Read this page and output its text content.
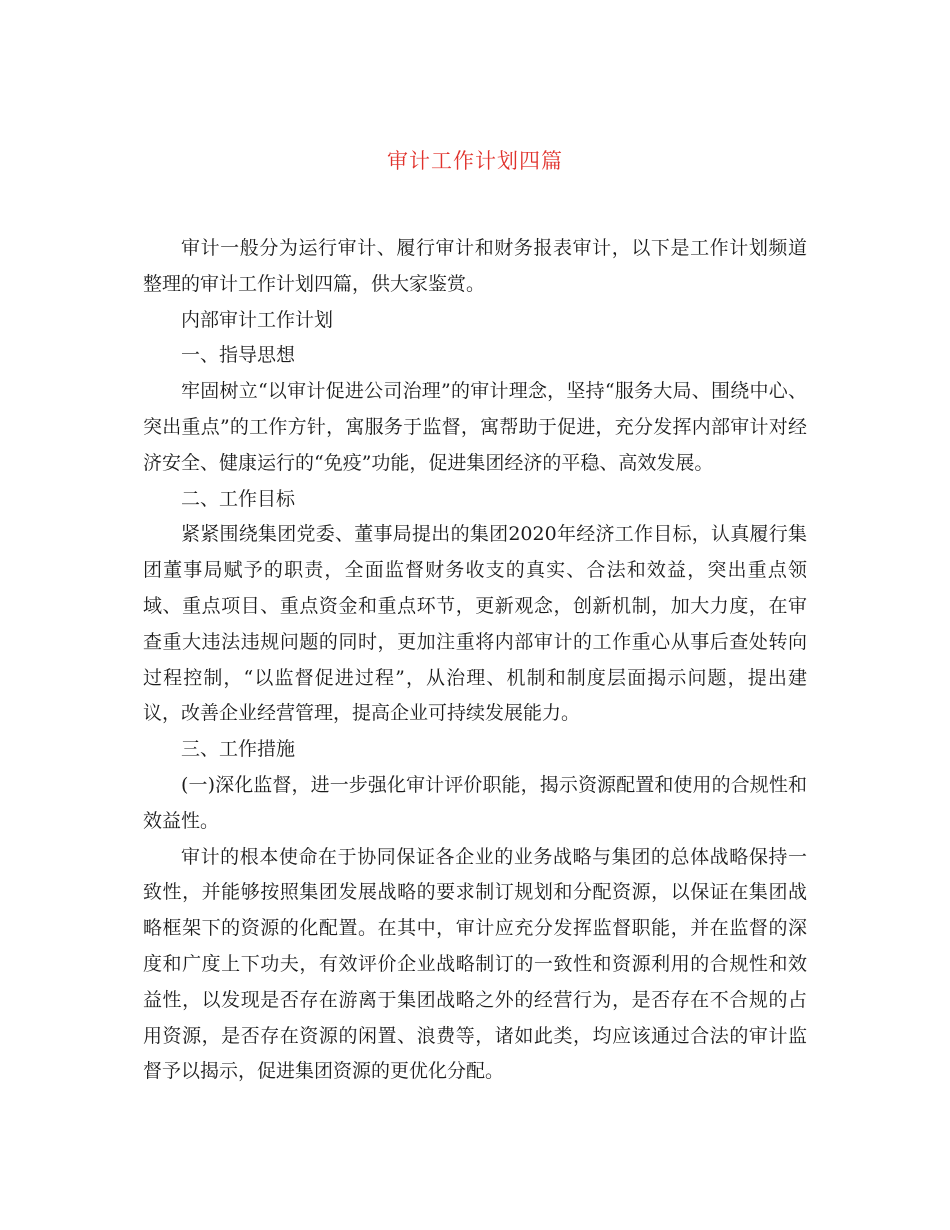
审计工作计划四篇

审计一般分为运行审计、履行审计和财务报表审计，以下是工作计划频道整理的审计工作计划四篇，供大家鉴赏。

内部审计工作计划

一、指导思想

牢固树立“以审计促进公司治理”的审计理念，坚持“服务大局、围绕中心、突出重点”的工作方针，寓服务于监督，寓帮助于促进，充分发挥内部审计对经济安全、健康运行的“免疫”功能，促进集团经济的平稳、高效发展。

二、工作目标

紧紧围绕集团党委、董事局提出的集团2020年经济工作目标，认真履行集团董事局赋予的职责，全面监督财务收支的真实、合法和效益，突出重点领域、重点项目、重点资金和重点环节，更新观念，创新机制，加大力度，在审查重大违法违规问题的同时，更加注重将内部审计的工作重心从事后查处转向过程控制，“以监督促进过程”，从治理、机制和制度层面揭示问题，提出建议，改善企业经营管理，提高企业可持续发展能力。

三、工作措施

(一)深化监督，进一步强化审计评价职能，揭示资源配置和使用的合规性和效益性。

审计的根本使命在于协同保证各企业的业务战略与集团的总体战略保持一致性，并能够按照集团发展战略的要求制订规划和分配资源，以保证在集团战略框架下的资源的化配置。在其中，审计应充分发挥监督职能，并在监督的深度和广度上下功夫，有效评价企业战略制订的一致性和资源利用的合规性和效益性，以发现是否存在游离于集团战略之外的经营行为，是否存在不合规的占用资源，是否存在资源的闲置、浪费等，诸如此类，均应该通过合法的审计监督予以揭示，促进集团资源的更优化分配。
